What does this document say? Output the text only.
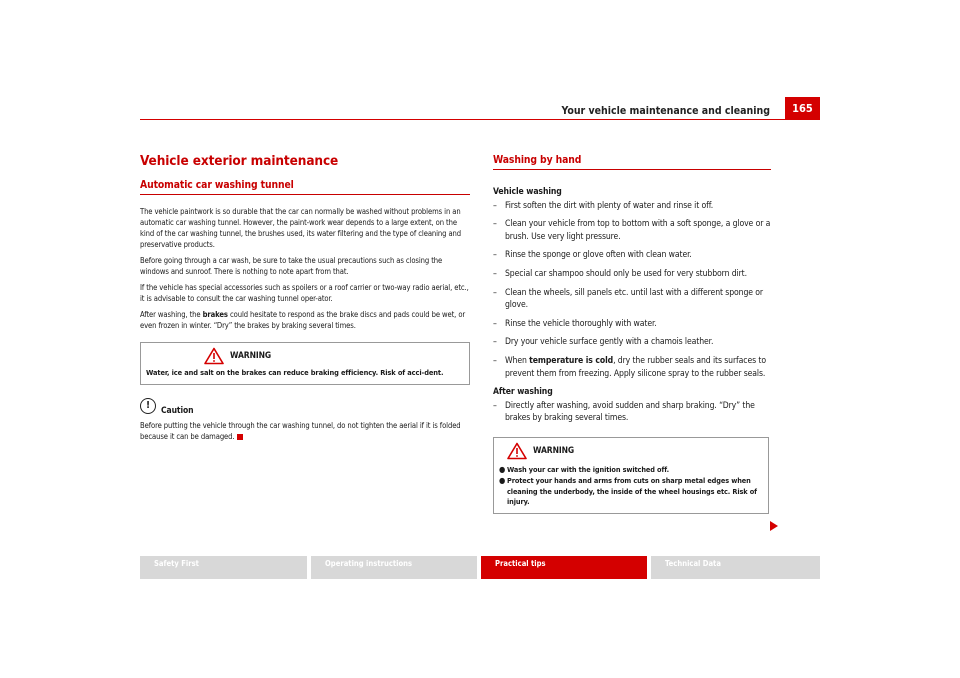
Your vehicle maintenance and cleaning	165
Vehicle exterior maintenance
Automatic car washing tunnel

The vehicle paintwork is so durable that the car can normally be washed without problems in an automatic car washing tunnel. However, the paint-work wear depends to a large extent, on the kind of the car washing tunnel, the brushes used, its water filtering and the type of cleaning and preservative products.

Before going through a car wash, be sure to take the usual precautions such as closing the windows and sunroof. There is nothing to note apart from that.

If the vehicle has special accessories such as spoilers or a roof carrier or two-way radio aerial, etc., it is advisable to consult the car washing tunnel oper-ator.

After washing, the brakes could hesitate to respond as the brake discs and pads could be wet, or even frozen in winter. “Dry” the brakes by braking several times.

WARNING
Water, ice and salt on the brakes can reduce braking efficiency. Risk of acci-dent.
!	Caution

Before putting the vehicle through the car washing tunnel, do not tighten the aerial if it is folded because it can be damaged.

Washing by hand
Vehicle washing
– First soften the dirt with plenty of water and rinse it off.
– Clean your vehicle from top to bottom with a soft sponge, a glove or a brush. Use very light pressure.
– Rinse the sponge or glove often with clean water.
– Special car shampoo should only be used for very stubborn dirt.
– Clean the wheels, sill panels etc. until last with a different sponge or glove.
– Rinse the vehicle thoroughly with water.
– Dry your vehicle surface gently with a chamois leather.
– When temperature is cold, dry the rubber seals and its surfaces to prevent them from freezing. Apply silicone spray to the rubber seals.
After washing
– Directly after washing, avoid sudden and sharp braking. “Dry” the brakes by braking several times.
WARNING
● Wash your car with the ignition switched off.
● Protect your hands and arms from cuts on sharp metal edges when cleaning the underbody, the inside of the wheel housings etc. Risk of injury.
Safety First	Operating instructions	Practical tips	Technical Data
